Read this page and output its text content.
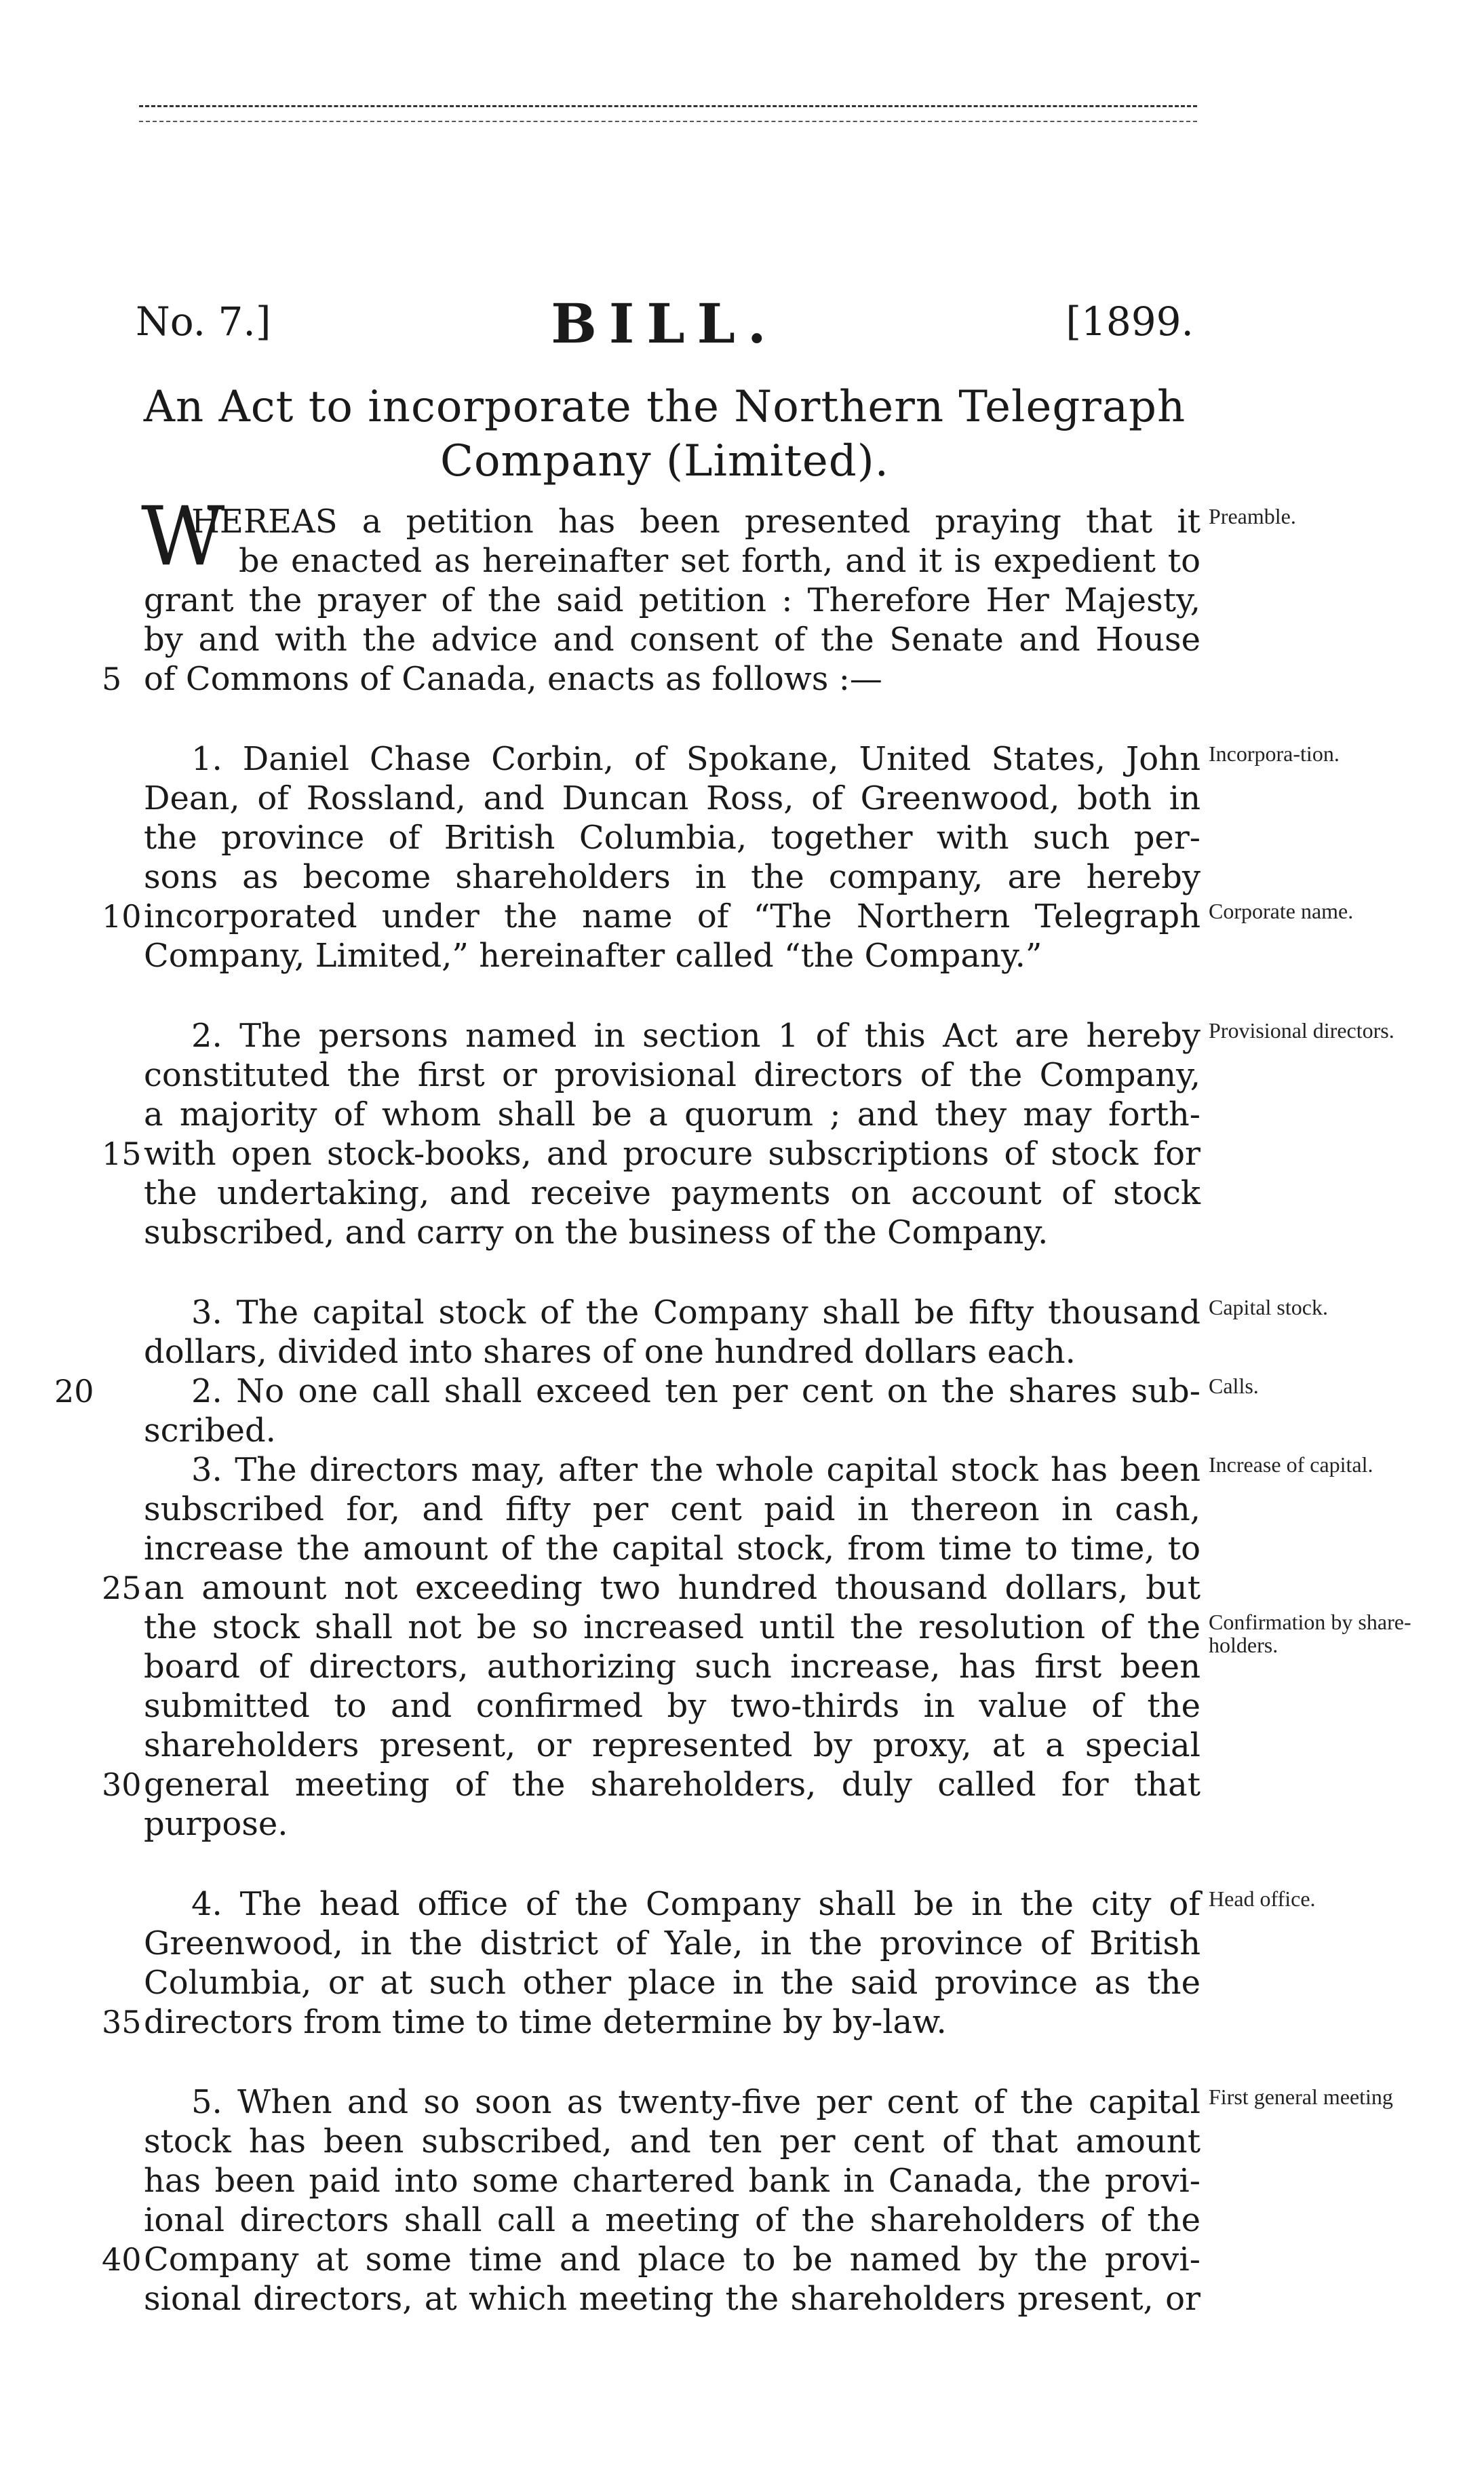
No. 7.]	BILL.	[1899.
An Act to incorporate the Northern Telegraph
Company (Limited).
W
HEREAS a petition has been presented praying that it
be enacted as hereinafter set forth, and it is expedient to
grant the prayer of the said petition : Therefore Her Majesty,
by and with the advice and consent of the Senate and House
of Commons of Canada, enacts as follows :—
5
Preamble.
1. Daniel Chase Corbin, of Spokane, United States, John
Dean, of Rossland, and Duncan Ross, of Greenwood, both in
the province of British Columbia, together with such per-
sons as become shareholders in the company, are hereby
incorporated under the name of “The Northern Telegraph
10
Company, Limited,” hereinafter called “the Company.”
Incorpora-tion.
Corporate name.
2. The persons named in section 1 of this Act are hereby
constituted the first or provisional directors of the Company,
a majority of whom shall be a quorum ; and they may forth-
with open stock-books, and procure subscriptions of stock for
15
the undertaking, and receive payments on account of stock
subscribed, and carry on the business of the Company.
Provisional directors.
3. The capital stock of the Company shall be fifty thousand
dollars, divided into shares of one hundred dollars each.
2. No one call shall exceed ten per cent on the shares sub-
20
scribed.
3. The directors may, after the whole capital stock has been
subscribed for, and fifty per cent paid in thereon in cash,
increase the amount of the capital stock, from time to time, to
an amount not exceeding two hundred thousand dollars, but
25
the stock shall not be so increased until the resolution of the
board of directors, authorizing such increase, has first been
submitted to and confirmed by two-thirds in value of the
shareholders present, or represented by proxy, at a special
general meeting of the shareholders, duly called for that
30
purpose.
Capital stock.
Calls.
Increase of capital.
Confirmation by share-holders.
4. The head office of the Company shall be in the city of
Greenwood, in the district of Yale, in the province of British
Columbia, or at such other place in the said province as the
directors from time to time determine by by-law.
35
Head office.
5. When and so soon as twenty-five per cent of the capital
stock has been subscribed, and ten per cent of that amount
has been paid into some chartered bank in Canada, the provi-
ional directors shall call a meeting of the shareholders of the
Company at some time and place to be named by the provi-
40
sional directors, at which meeting the shareholders present, or
First general meeting
